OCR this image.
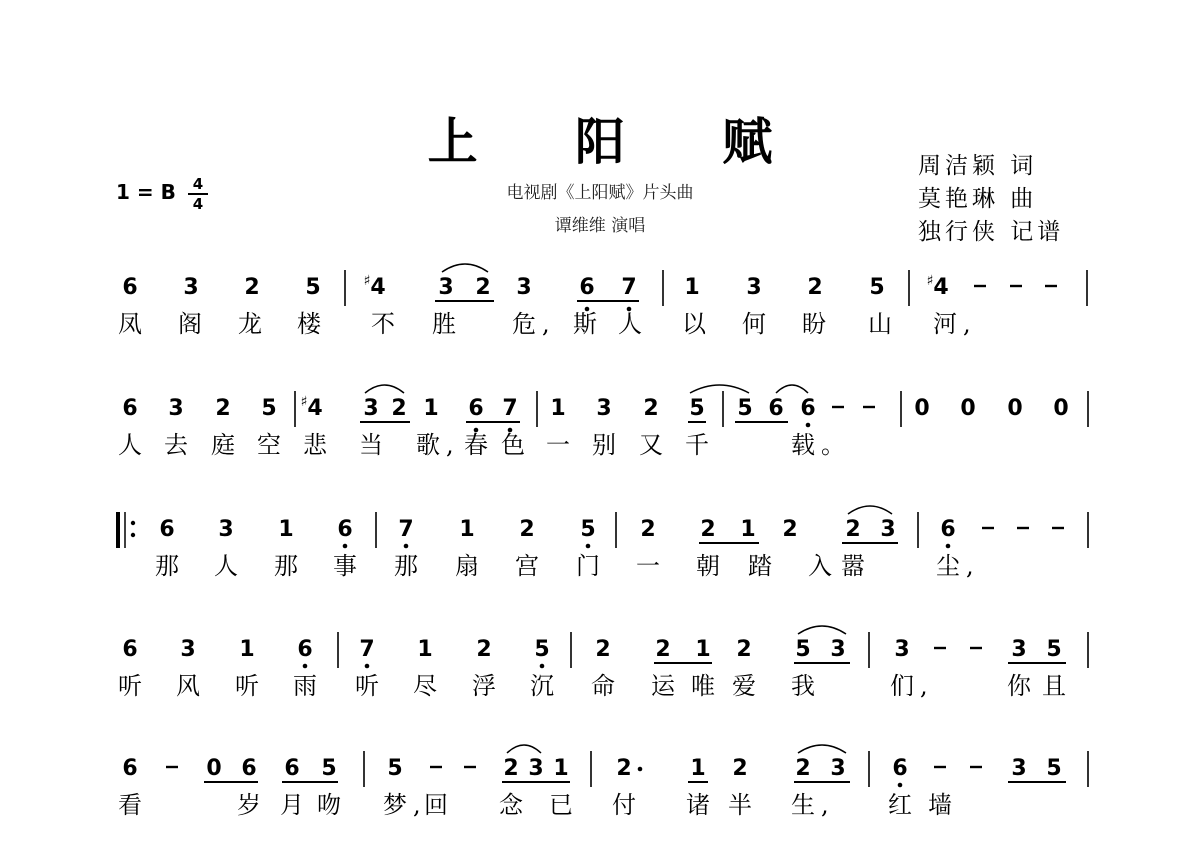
上 阳 赋
电视剧《上阳赋》片头曲
谭维维 演唱
周洁颖 词
莫艳琳 曲
独行侠 记谱
1 = B	4
4
6 3 2 5 4
♯	3 2 3 6 7 1 3 2 5 4
♯
凤 阁 龙 楼 不 胜 危 , 斯 人 以 何 盼 山 河 ,
6 3 2 5 4
♯	3 2 1 6 7 1 3 2 5 5 6 6	0 0 0 0
人 去 庭 空 悲 当 歌 , 春 色 一 别 又 千	载 。
6 3 1 6 7 1 2 5 2 2 1 2 2 3 6
那 人 那 事 那 扇 宫 门 一 朝 踏 入 嚣	尘 ,
6 3 1 6 7 1 2 5 2 2 1 2 5 3 3	3 5
听 风 听 雨 听 尽 浮 沉 命 运 唯 爱 我	们 ,	你 且
6	0 6 6 5 5	2 3 1 2	1 2 2 3 6	3 5
看	岁 月 吻 梦 , 回 念 已 付 诸 半 生 , 红 墙
